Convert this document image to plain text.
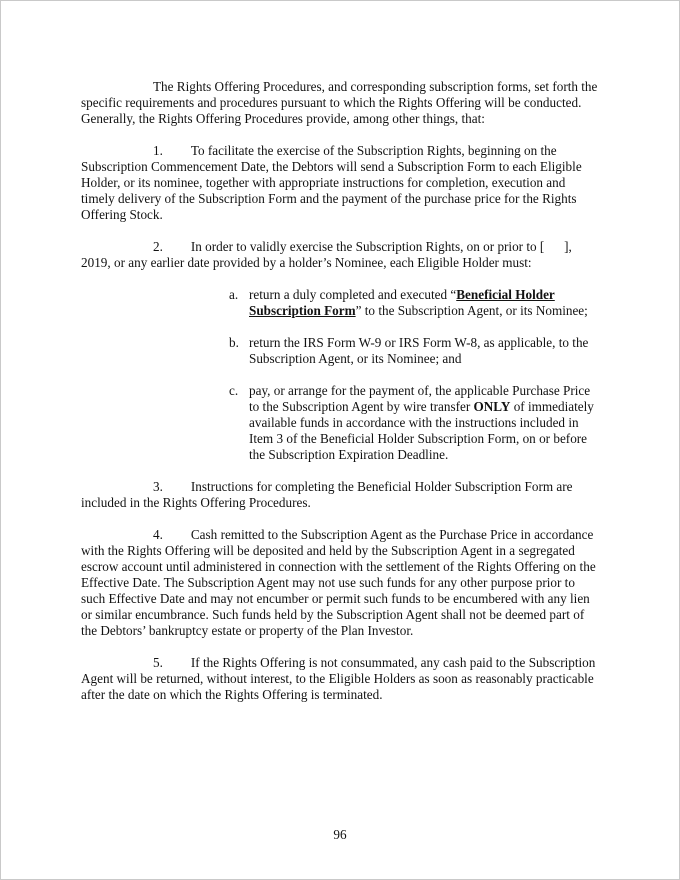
The Rights Offering Procedures, and corresponding subscription forms, set forth the specific requirements and procedures pursuant to which the Rights Offering will be conducted. Generally, the Rights Offering Procedures provide, among other things, that:

1. To facilitate the exercise of the Subscription Rights, beginning on the Subscription Commencement Date, the Debtors will send a Subscription Form to each Eligible Holder, or its nominee, together with appropriate instructions for completion, execution and timely delivery of the Subscription Form and the payment of the purchase price for the Rights Offering Stock.

2. In order to validly exercise the Subscription Rights, on or prior to [      ], 2019, or any earlier date provided by a holder’s Nominee, each Eligible Holder must:

a. return a duly completed and executed “Beneficial Holder Subscription Form” to the Subscription Agent, or its Nominee;
b. return the IRS Form W-9 or IRS Form W-8, as applicable, to the Subscription Agent, or its Nominee; and
c. pay, or arrange for the payment of, the applicable Purchase Price to the Subscription Agent by wire transfer ONLY of immediately available funds in accordance with the instructions included in Item 3 of the Beneficial Holder Subscription Form, on or before the Subscription Expiration Deadline.

3. Instructions for completing the Beneficial Holder Subscription Form are included in the Rights Offering Procedures.

4. Cash remitted to the Subscription Agent as the Purchase Price in accordance with the Rights Offering will be deposited and held by the Subscription Agent in a segregated escrow account until administered in connection with the settlement of the Rights Offering on the Effective Date. The Subscription Agent may not use such funds for any other purpose prior to such Effective Date and may not encumber or permit such funds to be encumbered with any lien or similar encumbrance. Such funds held by the Subscription Agent shall not be deemed part of the Debtors’ bankruptcy estate or property of the Plan Investor.

5. If the Rights Offering is not consummated, any cash paid to the Subscription Agent will be returned, without interest, to the Eligible Holders as soon as reasonably practicable after the date on which the Rights Offering is terminated.

96
